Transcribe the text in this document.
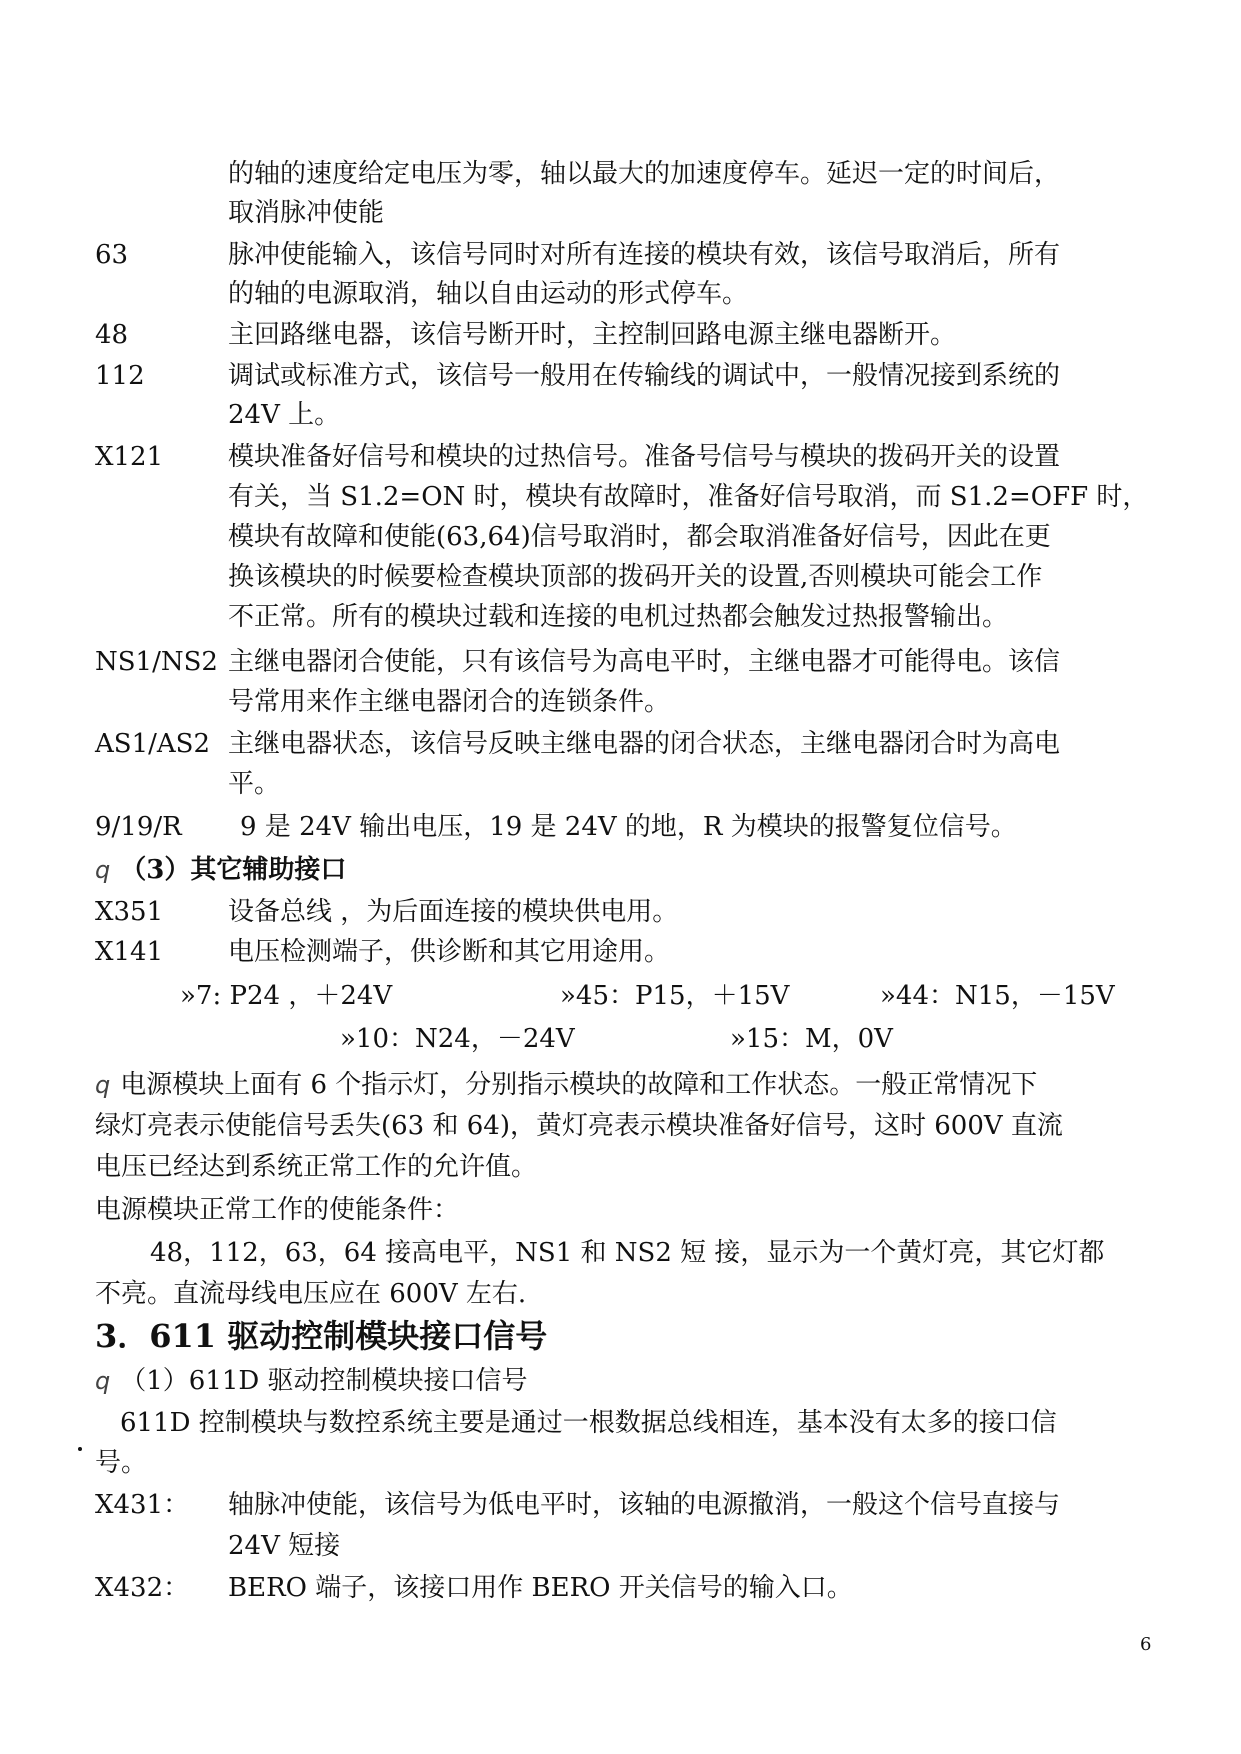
的轴的速度给定电压为零，轴以最大的加速度停车。延迟一定的时间后，
取消脉冲使能
63	脉冲使能输入，该信号同时对所有连接的模块有效，该信号取消后，所有
的轴的电源取消，轴以自由运动的形式停车。
48	主回路继电器，该信号断开时，主控制回路电源主继电器断开。
112	调试或标准方式，该信号一般用在传输线的调试中，一般情况接到系统的
24V 上。
X121 模块准备好信号和模块的过热信号。准备号信号与模块的拨码开关的设置
有关，当 S1.2=ON 时，模块有故障时，准备好信号取消，而 S1.2=OFF 时，
模块有故障和使能(63,64)信号取消时，都会取消准备好信号，因此在更
换该模块的时候要检查模块顶部的拨码开关的设置,否则模块可能会工作
不正常。所有的模块过载和连接的电机过热都会触发过热报警输出。
NS1/NS2 主继电器闭合使能，只有该信号为高电平时，主继电器才可能得电。该信
号常用来作主继电器闭合的连锁条件。
AS1/AS2 主继电器状态，该信号反映主继电器的闭合状态，主继电器闭合时为高电
平。
9/19/R 9 是 24V 输出电压，19 是 24V 的地，R 为模块的报警复位信号。
q （3）其它辅助接口
X351 设备总线 ，为后面连接的模块供电用。
X141 电压检测端子，供诊断和其它用途用。
»7: P24 ，＋24V	»45：P15，＋15V	»44：N15，－15V
»10：N24，－24V	»15：M，0V
q 电源模块上面有 6 个指示灯，分别指示模块的故障和工作状态。一般正常情况下
绿灯亮表示使能信号丢失(63 和 64)，黄灯亮表示模块准备好信号，这时 600V 直流
电压已经达到系统正常工作的允许值。
电源模块正常工作的使能条件：
48，112，63，64 接高电平，NS1 和 NS2 短 接，显示为一个黄灯亮，其它灯都
不亮。直流母线电压应在 600V 左右.
3．611 驱动控制模块接口信号
q （1）611D 驱动控制模块接口信号
611D 控制模块与数控系统主要是通过一根数据总线相连，基本没有太多的接口信
号。
X431： 轴脉冲使能，该信号为低电平时，该轴的电源撤消，一般这个信号直接与
24V 短接
X432： BERO 端子，该接口用作 BERO 开关信号的输入口。
6
